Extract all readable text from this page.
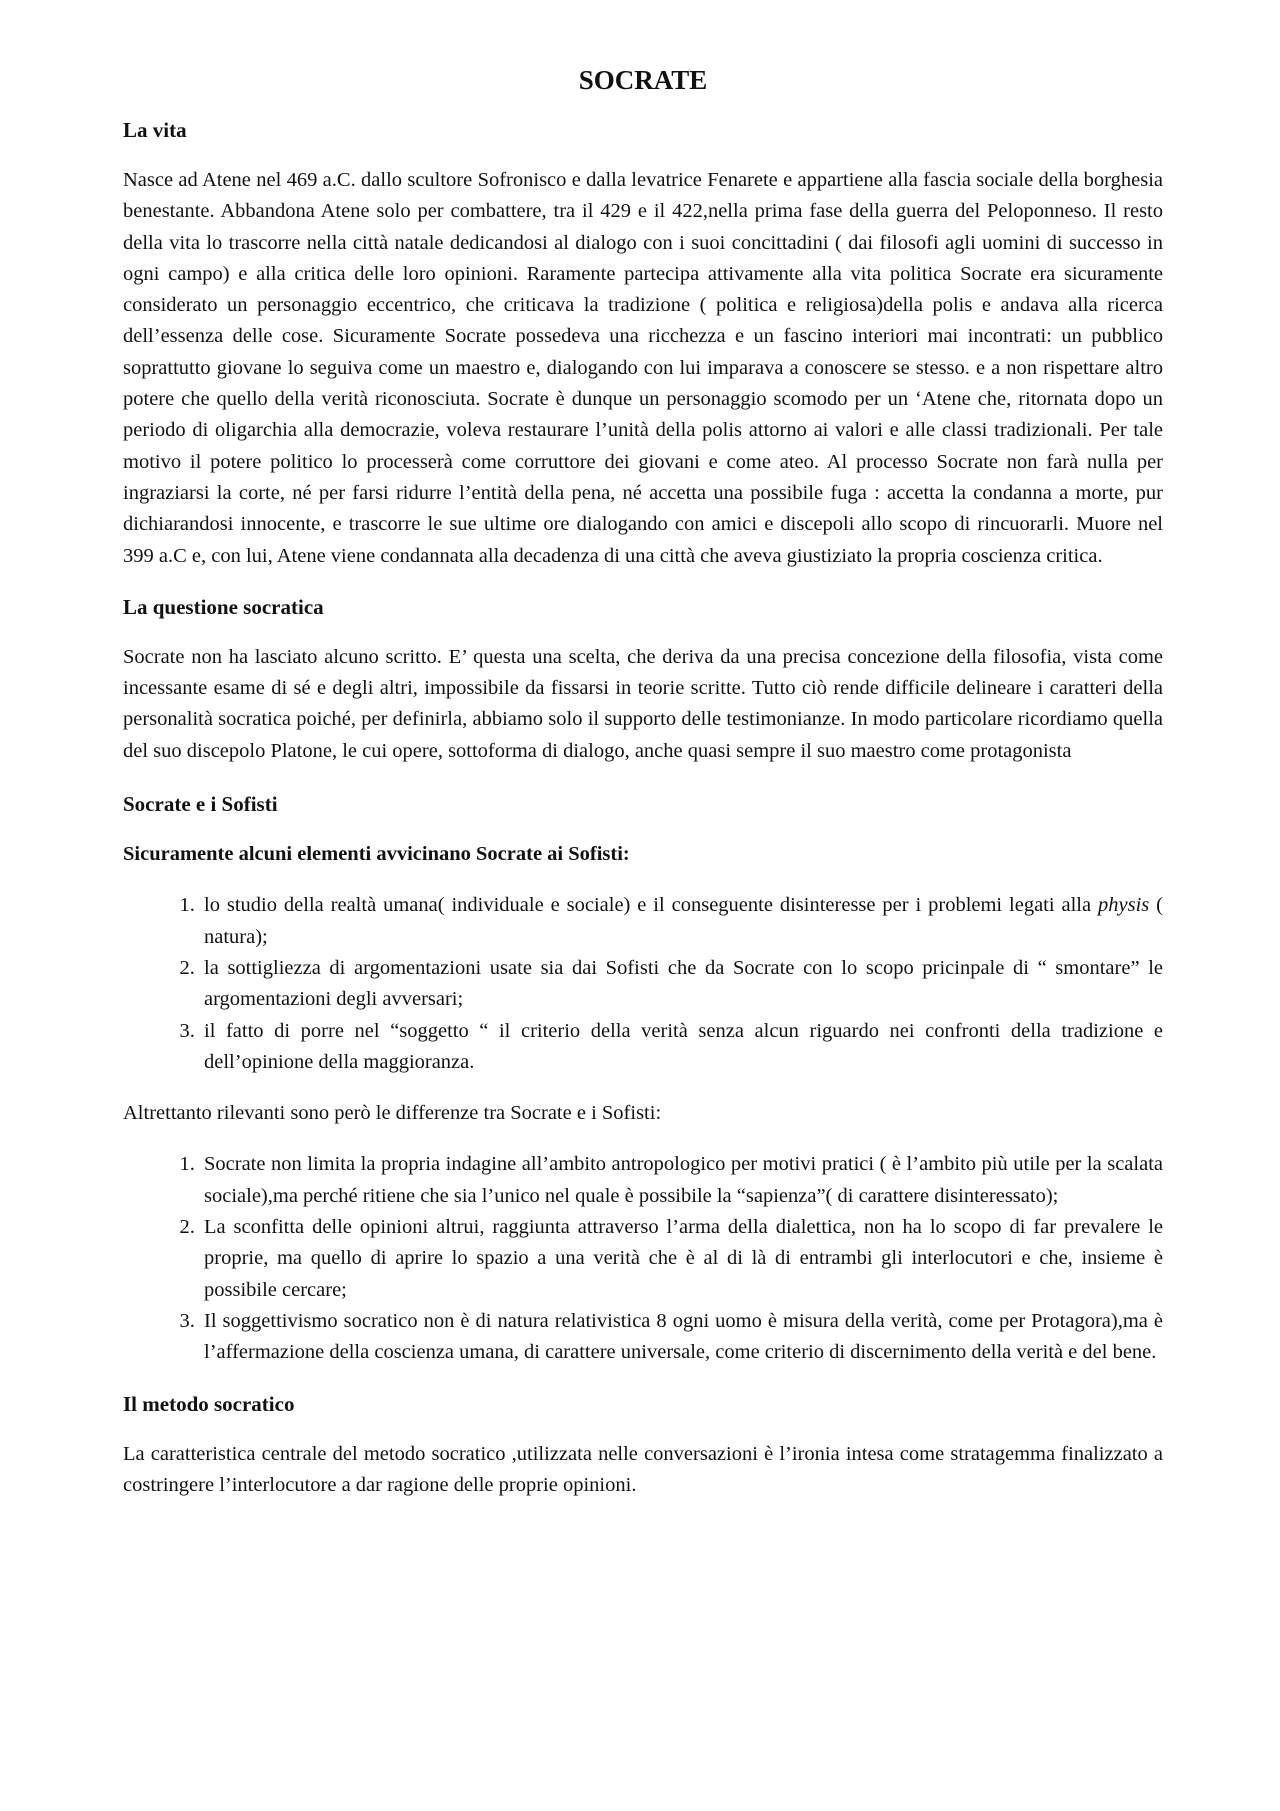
SOCRATE
La vita

Nasce ad Atene nel 469 a.C. dallo scultore Sofronisco e dalla levatrice Fenarete e appartiene alla fascia sociale della borghesia benestante. Abbandona Atene solo per combattere, tra il 429 e il 422,nella prima fase della guerra del Peloponneso. Il resto della vita lo trascorre nella città natale dedicandosi al dialogo con i suoi concittadini ( dai filosofi agli uomini di successo in ogni campo) e alla critica delle loro opinioni. Raramente partecipa attivamente alla vita politica Socrate era sicuramente considerato un personaggio eccentrico, che criticava la tradizione ( politica e religiosa)della polis e andava alla ricerca dell’essenza delle cose. Sicuramente Socrate possedeva una ricchezza e un fascino interiori mai incontrati: un pubblico soprattutto giovane lo seguiva come un maestro e, dialogando con lui imparava a conoscere se stesso. e a non rispettare altro potere che quello della verità riconosciuta. Socrate è dunque un personaggio scomodo per un ‘Atene che, ritornata dopo un periodo di oligarchia alla democrazie, voleva restaurare l’unità della polis attorno ai valori e alle classi tradizionali. Per tale motivo il potere politico lo processerà come corruttore dei giovani e come ateo. Al processo Socrate non farà nulla per ingraziarsi la corte, né per farsi ridurre l’entità della pena, né accetta una possibile fuga : accetta la condanna a morte, pur dichiarandosi innocente, e trascorre le sue ultime ore dialogando con amici e discepoli allo scopo di rincuorarli. Muore nel 399 a.C e, con lui, Atene viene condannata alla decadenza di una città che aveva giustiziato la propria coscienza critica.

La questione socratica

Socrate non ha lasciato alcuno scritto. E’ questa una scelta, che deriva da una precisa concezione della filosofia, vista come incessante esame di sé e degli altri, impossibile da fissarsi in teorie scritte. Tutto ciò rende difficile delineare i caratteri della personalità socratica poiché, per definirla, abbiamo solo il supporto delle testimonianze. In modo particolare ricordiamo quella del suo discepolo Platone, le cui opere, sottoforma di dialogo, anche quasi sempre il suo maestro come protagonista

Socrate e i Sofisti

Sicuramente alcuni elementi avvicinano Socrate ai Sofisti:

1. lo studio della realtà umana( individuale e sociale) e il conseguente disinteresse per i problemi legati alla physis ( natura);
2. la sottigliezza di argomentazioni usate sia dai Sofisti che da Socrate con lo scopo pricinpale di “ smontare” le argomentazioni degli avversari;
3. il fatto di porre nel “soggetto “ il criterio della verità senza alcun riguardo nei confronti della tradizione e dell’opinione della maggioranza.

Altrettanto rilevanti sono però le differenze tra Socrate e i Sofisti:

1. Socrate non limita la propria indagine all’ambito antropologico per motivi pratici ( è l’ambito più utile per la scalata sociale),ma perché ritiene che sia l’unico nel quale è possibile la “sapienza”( di carattere disinteressato);
2. La sconfitta delle opinioni altrui, raggiunta attraverso l’arma della dialettica, non ha lo scopo di far prevalere le proprie, ma quello di aprire lo spazio a una verità che è al di là di entrambi gli interlocutori e che, insieme è possibile cercare;
3. Il soggettivismo socratico non è di natura relativistica 8 ogni uomo è misura della verità, come per Protagora),ma è l’affermazione della coscienza umana, di carattere universale, come criterio di discernimento della verità e del bene.
Il metodo socratico

La caratteristica centrale del metodo socratico ,utilizzata nelle conversazioni è l’ironia intesa come stratagemma finalizzato a costringere l’interlocutore a dar ragione delle proprie opinioni.
